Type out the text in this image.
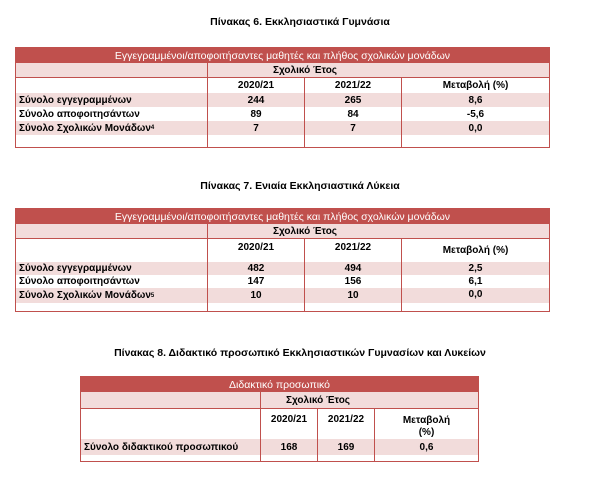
Πίνακας 6. Εκκλησιαστικά Γυμνάσια
Εγγεγραμμένοι/αποφοιτήσαντες μαθητές και πλήθος σχολικών μονάδων
Σχολικό Έτος
2020/21	2021/22	Μεταβολή (%)
Σύνολο εγγεγραμμένων	244	265	8,6
Σύνολο αποφοιτησάντων	89	84	-5,6
Σύνολο Σχολικών Μονάδων 4	7	7	0,0
Πίνακας 7. Ενιαία Εκκλησιαστικά Λύκεια
Εγγεγραμμένοι/αποφοιτήσαντες μαθητές και πλήθος σχολικών μονάδων
Σχολικό Έτος
2020/21	2021/22	Μεταβολή (%)
Σύνολο εγγεγραμμένων	482	494	2,5
Σύνολο αποφοιτησάντων	147	156	6,1
Σύνολο Σχολικών Μονάδων 5	10	10	0,0
Πίνακας 8. Διδακτικό προσωπικό Εκκλησιαστικών Γυμνασίων και Λυκείων
Διδακτικό προσωπικό
Σχολικό Έτος
2020/21	2021/22	Μεταβολή
(%)
Σύνολο διδακτικού προσωπικού	168	169	0,6
